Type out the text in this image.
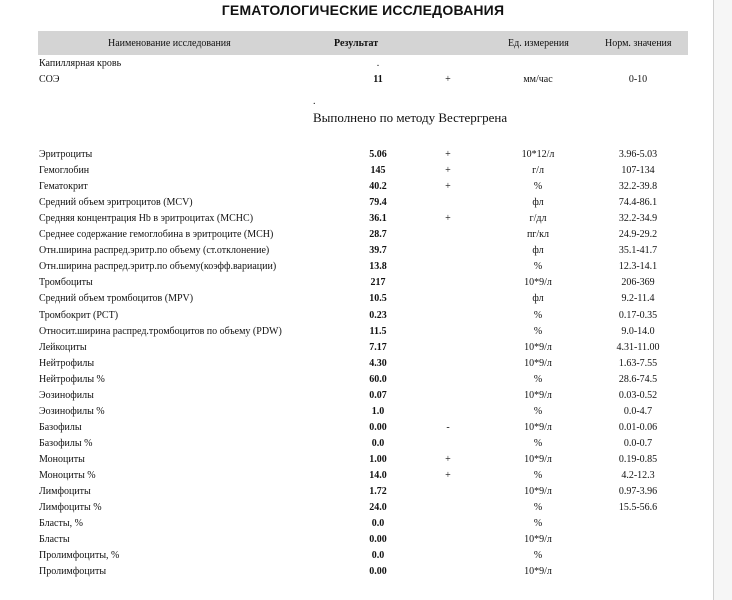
ГЕМАТОЛОГИЧЕСКИЕ ИССЛЕДОВАНИЯ
Наименование исследования	Результат	Ед. измерения	Норм. значения
Капиллярная кровь	.
СОЭ	11	+	мм/час	0-10
.
Выполнено по методу Вестергрена
Эритроциты	5.06	+	10*12/л	3.96-5.03
Гемоглобин	145	+	г/л	107-134
Гематокрит	40.2	+	%	32.2-39.8
Средний объем эритроцитов (MCV)	79.4	фл	74.4-86.1
Средняя концентрация Hb в эритроцитах (MCHC)	36.1	+	г/дл	32.2-34.9
Среднее содержание гемоглобина в эритроците (MCH)	28.7	пг/кл	24.9-29.2
Отн.ширина распред.эритр.по объему (ст.отклонение)	39.7	фл	35.1-41.7
Отн.ширина распред.эритр.по объему(коэфф.вариации)	13.8	%	12.3-14.1
Тромбоциты	217	10*9/л	206-369
Средний объем тромбоцитов (MPV)	10.5	фл	9.2-11.4
Тромбокрит (PCT)	0.23	%	0.17-0.35
Относит.ширина распред.тромбоцитов по объему (PDW)	11.5	%	9.0-14.0
Лейкоциты	7.17	10*9/л	4.31-11.00
Нейтрофилы	4.30	10*9/л	1.63-7.55
Нейтрофилы %	60.0	%	28.6-74.5
Эозинофилы	0.07	10*9/л	0.03-0.52
Эозинофилы %	1.0	%	0.0-4.7
Базофилы	0.00	-	10*9/л	0.01-0.06
Базофилы %	0.0	%	0.0-0.7
Моноциты	1.00	+	10*9/л	0.19-0.85
Моноциты %	14.0	+	%	4.2-12.3
Лимфоциты	1.72	10*9/л	0.97-3.96
Лимфоциты %	24.0	%	15.5-56.6
Бласты, %	0.0	%
Бласты	0.00	10*9/л
Пролимфоциты, %	0.0	%
Пролимфоциты	0.00	10*9/л
